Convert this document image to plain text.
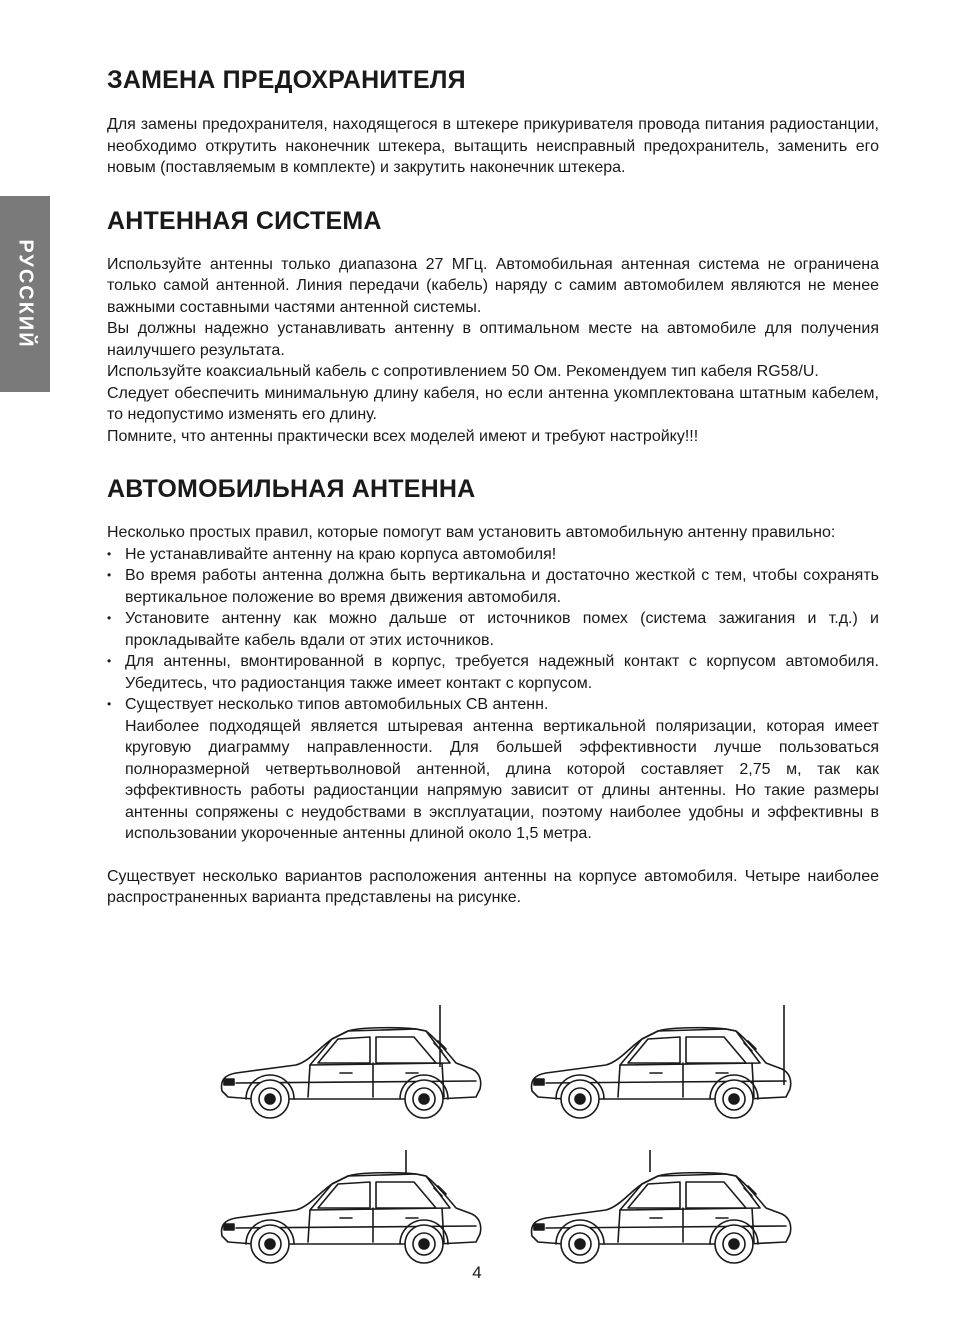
РУССКИЙ
ЗАМЕНА ПРЕДОХРАНИТЕЛЯ

Для замены предохранителя, находящегося в штекере прикуривателя провода питания радиостанции, необходимо открутить наконечник штекера, вытащить неисправный предохранитель, заменить его новым (поставляемым в комплекте) и закрутить наконечник штекера.

АНТЕННАЯ СИСТЕМА

Используйте антенны только диапазона 27 МГц. Автомобильная антенная система не ограничена только самой антенной. Линия передачи (кабель) наряду с самим автомобилем являются не менее важными составными частями антенной системы.

Вы должны надежно устанавливать антенну в оптимальном месте на автомобиле для получения наилучшего результата.

Используйте коаксиальный кабель с сопротивлением 50 Ом. Рекомендуем тип кабеля RG58/U.

Следует обеспечить минимальную длину кабеля, но если антенна укомплектована штатным кабелем, то недопустимо изменять его длину.

Помните, что антенны практически всех моделей имеют и требуют настройку!!!

АВТОМОБИЛЬНАЯ АНТЕННА

Несколько простых правил, которые помогут вам установить автомобильную антенну правильно:

• Не устанавливайте антенну на краю корпуса автомобиля!
• Во время работы антенна должна быть вертикальна и достаточно жесткой с тем, чтобы сохранять вертикальное положение во время движения автомобиля.
• Установите антенну как можно дальше от источников помех (система зажигания и т.д.) и прокладывайте кабель вдали от этих источников.
• Для антенны, вмонтированной в корпус, требуется надежный контакт с корпусом автомобиля. Убедитесь, что радиостанция также имеет контакт с корпусом.
• Существует несколько типов автомобильных СВ антенн.
Наиболее подходящей является штыревая антенна вертикальной поляризации, которая имеет круговую диаграмму направленности. Для большей эффективности лучше пользоваться полноразмерной четвертьволновой антенной, длина которой составляет 2,75 м, так как эффективность работы радиостанции напрямую зависит от длины антенны. Но такие размеры антенны сопряжены с неудобствами в эксплуатации, поэтому наиболее удобны и эффективны в использовании укороченные антенны длиной около 1,5 метра.

Существует несколько вариантов расположения антенны на корпусе автомобиля. Четыре наиболее распространенных варианта представлены на рисунке.

4
